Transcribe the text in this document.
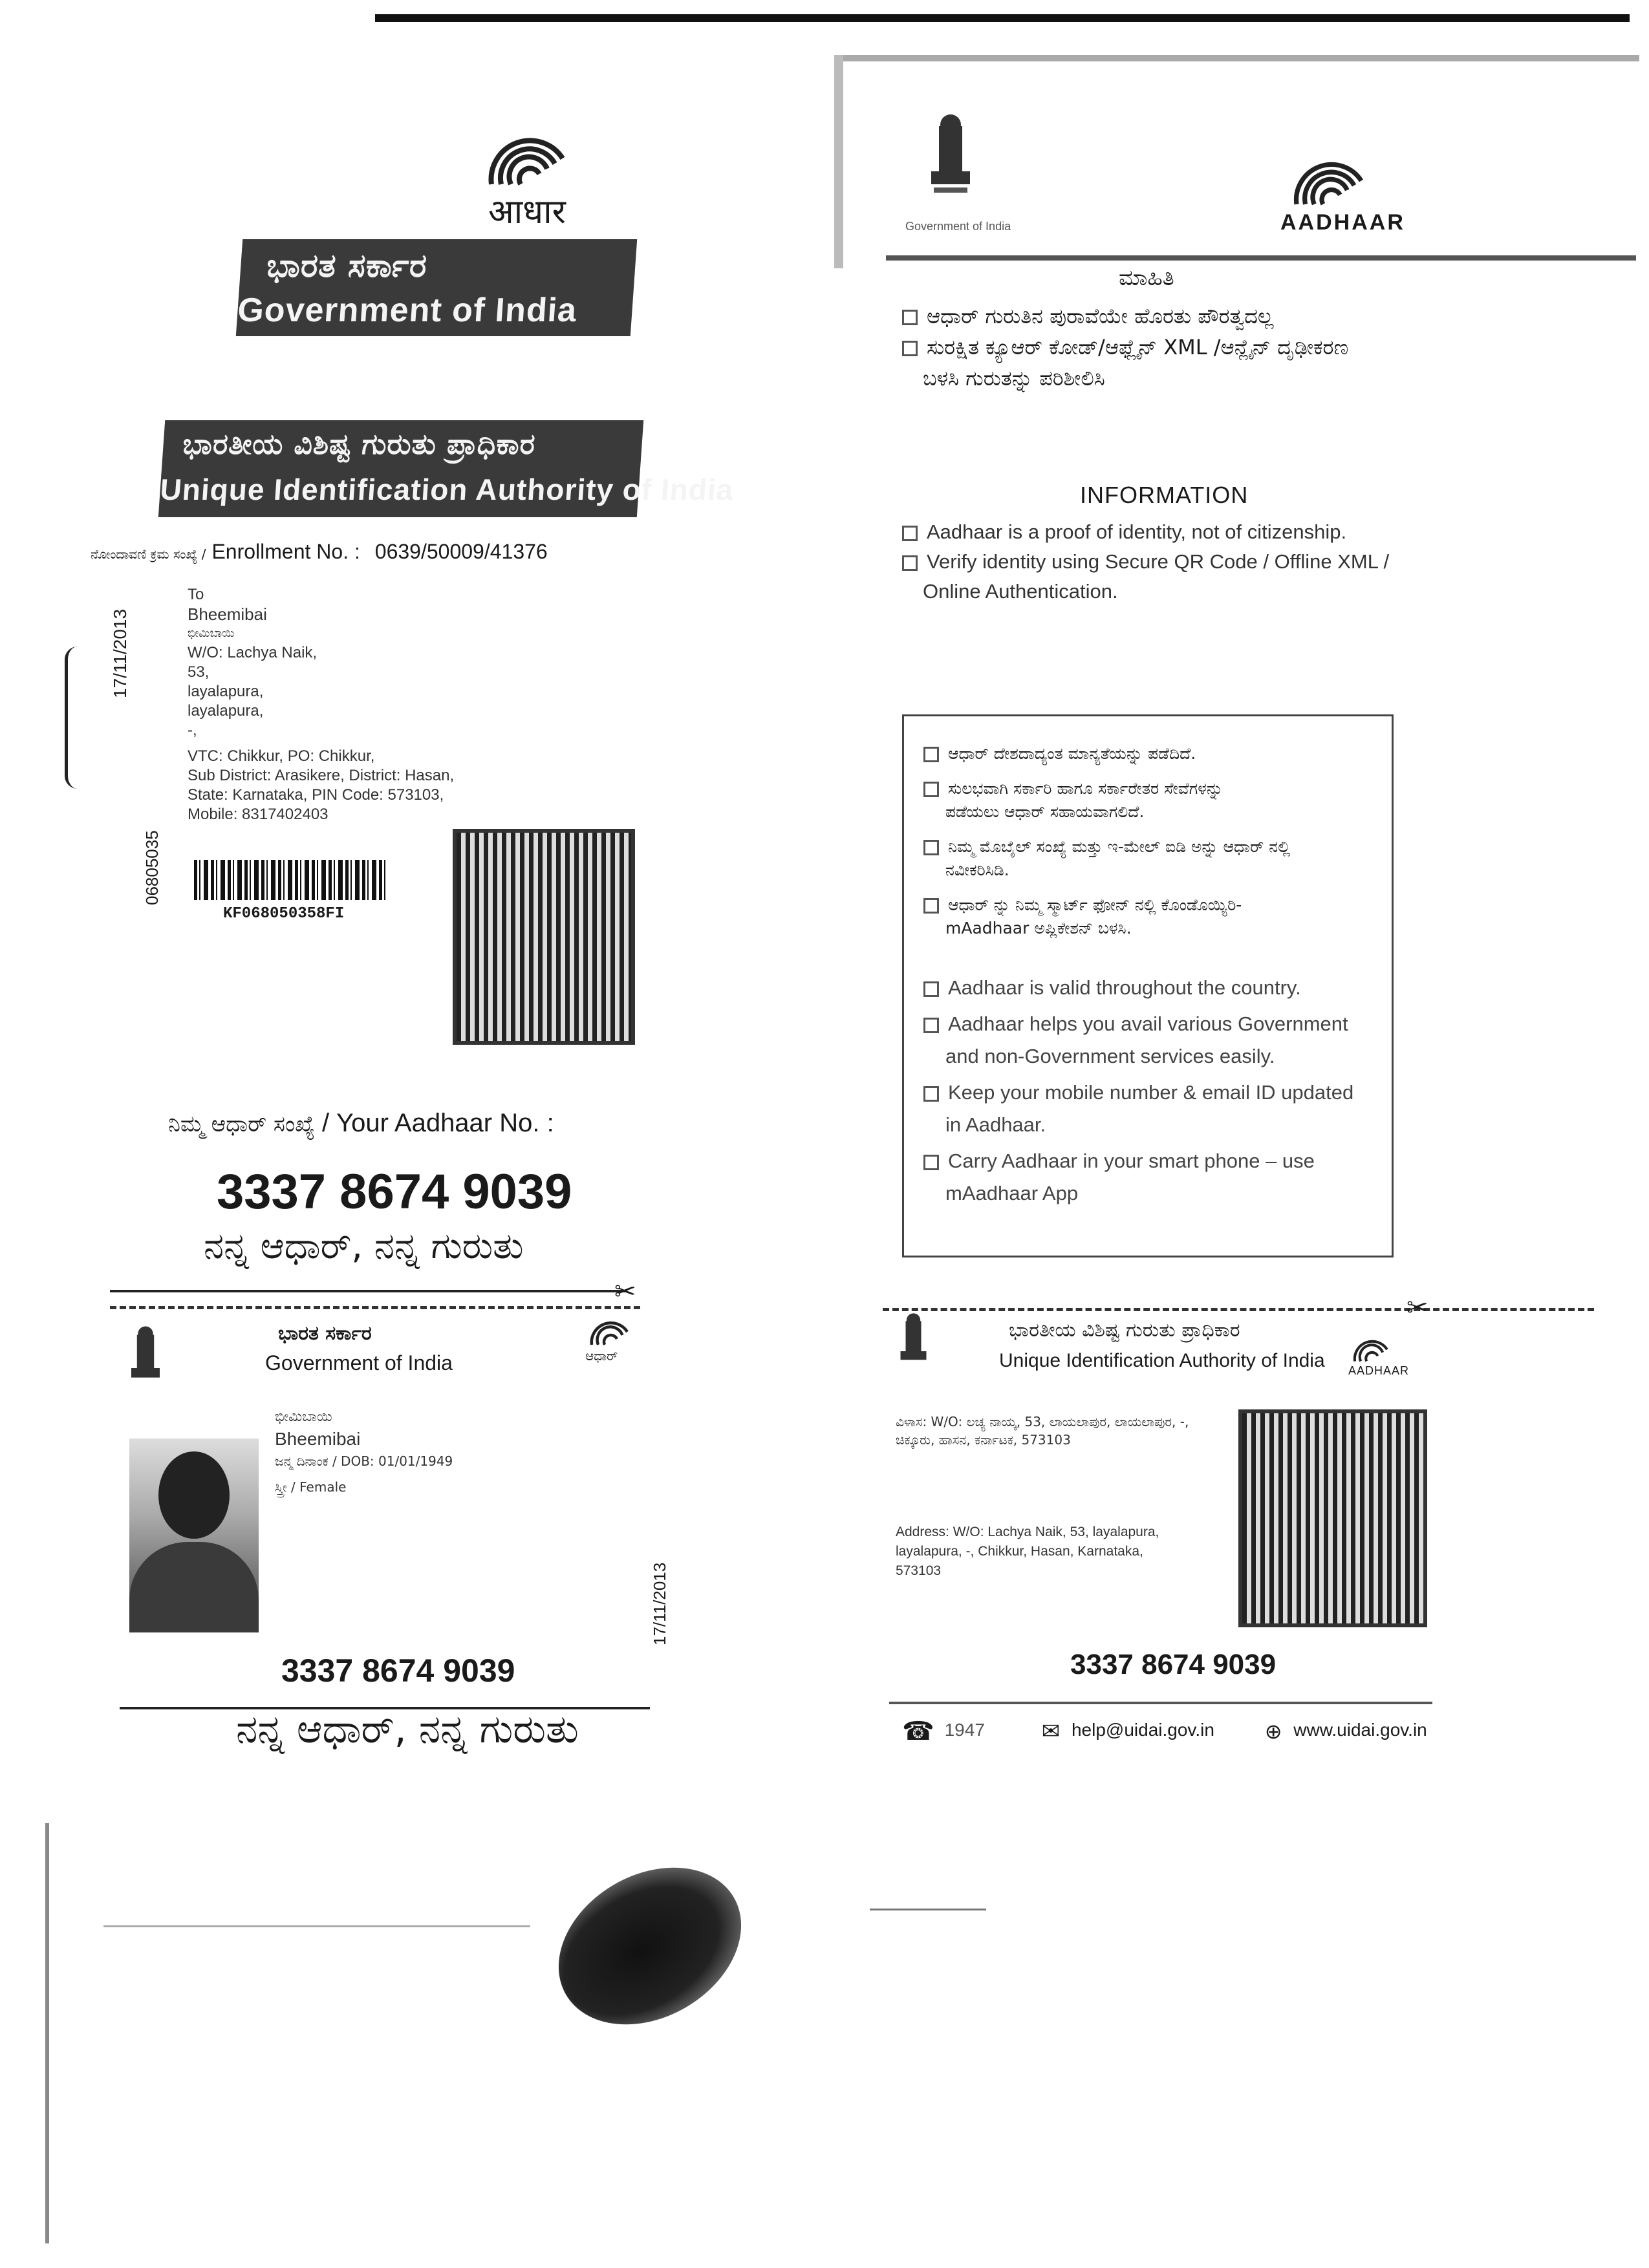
आधार
ಭಾರತ ಸರ್ಕಾರ
Government of India
ಭಾರತೀಯ ವಿಶಿಷ್ಟ ಗುರುತು ಪ್ರಾಧಿಕಾರ
Unique Identification Authority of India
ನೋಂದಾವಣಿ ಕ್ರಮ ಸಂಖ್ಯೆ / Enrollment No. : 0639/50009/41376
17/11/2013
06805035
To
Bheemibai
ಭೀಮಿಬಾಯಿ
W/O: Lachya Naik,
53,
layalapura,
layalapura,
-,
VTC: Chikkur, PO: Chikkur,
Sub District: Arasikere, District: Hasan,
State: Karnataka, PIN Code: 573103,
Mobile: 8317402403
KF068050358FI
ನಿಮ್ಮ ಆಧಾರ್ ಸಂಖ್ಯೆ / Your Aadhaar No. :
3337 8674 9039
ನನ್ನ ಆಧಾರ್, ನನ್ನ ಗುರುತು
✂
Government of India	AADHAAR
ಮಾಹಿತಿ
ಆಧಾರ್ ಗುರುತಿನ ಪುರಾವೆಯೇ ಹೊರತು ಪೌರತ್ವದಲ್ಲ
ಸುರಕ್ಷಿತ ಕ್ಯೂಆರ್ ಕೋಡ್/ಆಫ್ಲೈನ್ XML /ಆನ್ಲೈನ್ ದೃಢೀಕರಣ
ಬಳಸಿ ಗುರುತನ್ನು ಪರಿಶೀಲಿಸಿ
INFORMATION
Aadhaar is a proof of identity, not of citizenship.
Verify identity using Secure QR Code / Offline XML /
Online Authentication.
ಆಧಾರ್ ದೇಶದಾದ್ಯಂತ ಮಾನ್ಯತೆಯನ್ನು ಪಡೆದಿದೆ.
ಸುಲಭವಾಗಿ ಸರ್ಕಾರಿ ಹಾಗೂ ಸರ್ಕಾರೇತರ ಸೇವೆಗಳನ್ನು
ಪಡೆಯಲು ಆಧಾರ್ ಸಹಾಯವಾಗಲಿದೆ.
ನಿಮ್ಮ ಮೊಬೈಲ್ ಸಂಖ್ಯೆ ಮತ್ತು ಇ-ಮೇಲ್ ಐಡಿ ಅನ್ನು ಆಧಾರ್ ನಲ್ಲಿ
ನವೀಕರಿಸಿಡಿ.
ಆಧಾರ್ ನ್ನು ನಿಮ್ಮ ಸ್ಮಾರ್ಟ್ ಫೋನ್ ನಲ್ಲಿ ಕೊಂಡೊಯ್ಯಿರಿ-
mAadhaar ಅಪ್ಲಿಕೇಶನ್ ಬಳಸಿ.
Aadhaar is valid throughout the country.
Aadhaar helps you avail various Government
and non-Government services easily.
Keep your mobile number & email ID updated
in Aadhaar.
Carry Aadhaar in your smart phone – use
mAadhaar App
✂
ಭಾರತ ಸರ್ಕಾರ
Government of India	ಆಧಾರ್
ಭೀಮಿಬಾಯಿ
Bheemibai
ಜನ್ಮ ದಿನಾಂಕ / DOB: 01/01/1949
ಸ್ತ್ರೀ / Female
17/11/2013
3337 8674 9039
ನನ್ನ ಆಧಾರ್, ನನ್ನ ಗುರುತು
ಭಾರತೀಯ ವಿಶಿಷ್ಟ ಗುರುತು ಪ್ರಾಧಿಕಾರ
Unique Identification Authority of India AADHAAR
ವಿಳಾಸ: W/O: ಲಚ್ಯ ನಾಯ್ಕ, 53, ಲಾಯಲಾಪುರ, ಲಾಯಲಾಪುರ, -,
ಚಿಕ್ಕೂರು, ಹಾಸನ, ಕರ್ನಾಟಕ, 573103
Address: W/O: Lachya Naik, 53, layalapura,
layalapura, -, Chikkur, Hasan, Karnataka,
573103
3337 8674 9039
☎ 1947	✉ help@uidai.gov.in ⊕ www.uidai.gov.in
